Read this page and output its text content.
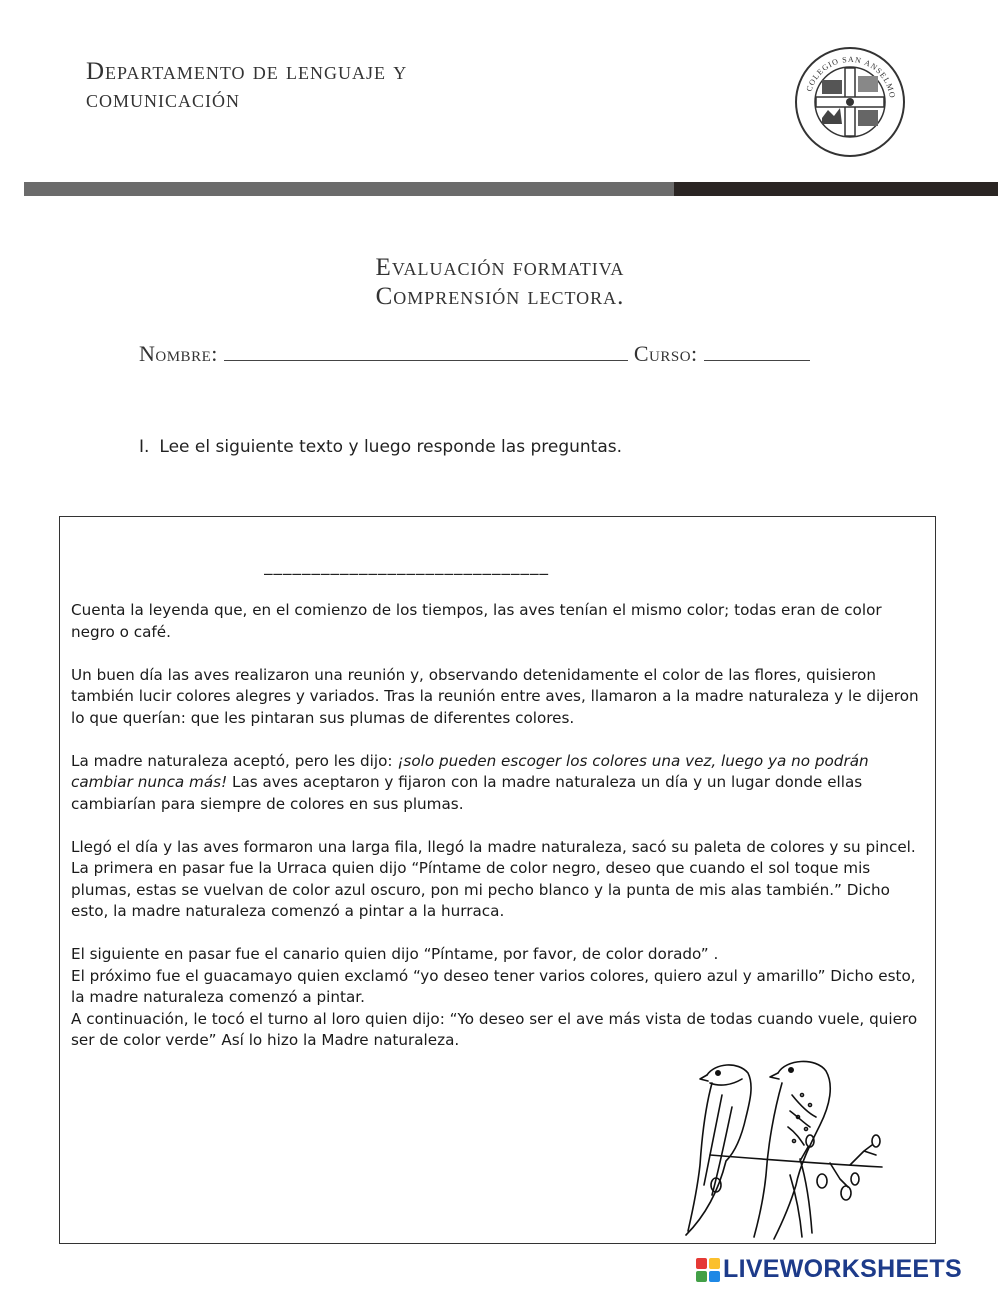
Departamento de lenguaje y
comunicación	COLEGIO SAN ANSELMO
Evaluación formativa
Comprensión lectora.
Nombre:	Curso:
I. Lee el siguiente texto y luego responde las preguntas.
______________________________

Cuenta la leyenda que, en el comienzo de los tiempos, las aves tenían el mismo color; todas eran de color negro o café.

Un buen día las aves realizaron una reunión y, observando detenidamente el color de las flores, quisieron también lucir colores alegres y variados. Tras la reunión entre aves, llamaron a la madre naturaleza y le dijeron lo que querían: que les pintaran sus plumas de diferentes colores.

La madre naturaleza aceptó, pero les dijo: ¡solo pueden escoger los colores una vez, luego ya no podrán cambiar nunca más! Las aves aceptaron y fijaron con la madre naturaleza un día y un lugar donde ellas cambiarían para siempre de colores en sus plumas.

Llegó el día y las aves formaron una larga fila, llegó la madre naturaleza, sacó su paleta de colores y su pincel. La primera en pasar fue la Urraca quien dijo “Píntame de color negro, deseo que cuando el sol toque mis plumas, estas se vuelvan de color azul oscuro, pon mi pecho blanco y la punta de mis alas también.” Dicho esto, la madre naturaleza comenzó a pintar a la hurraca.

El siguiente en pasar fue el canario quien dijo “Píntame, por favor, de color dorado” .

El próximo fue el guacamayo quien exclamó “yo deseo tener varios colores, quiero azul y amarillo” Dicho esto, la madre naturaleza comenzó a pintar.

A continuación, le tocó el turno al loro quien dijo: “Yo deseo ser el ave más vista de todas cuando vuele, quiero ser de color verde” Así lo hizo la Madre naturaleza.

LIVEWORKSHEETS
